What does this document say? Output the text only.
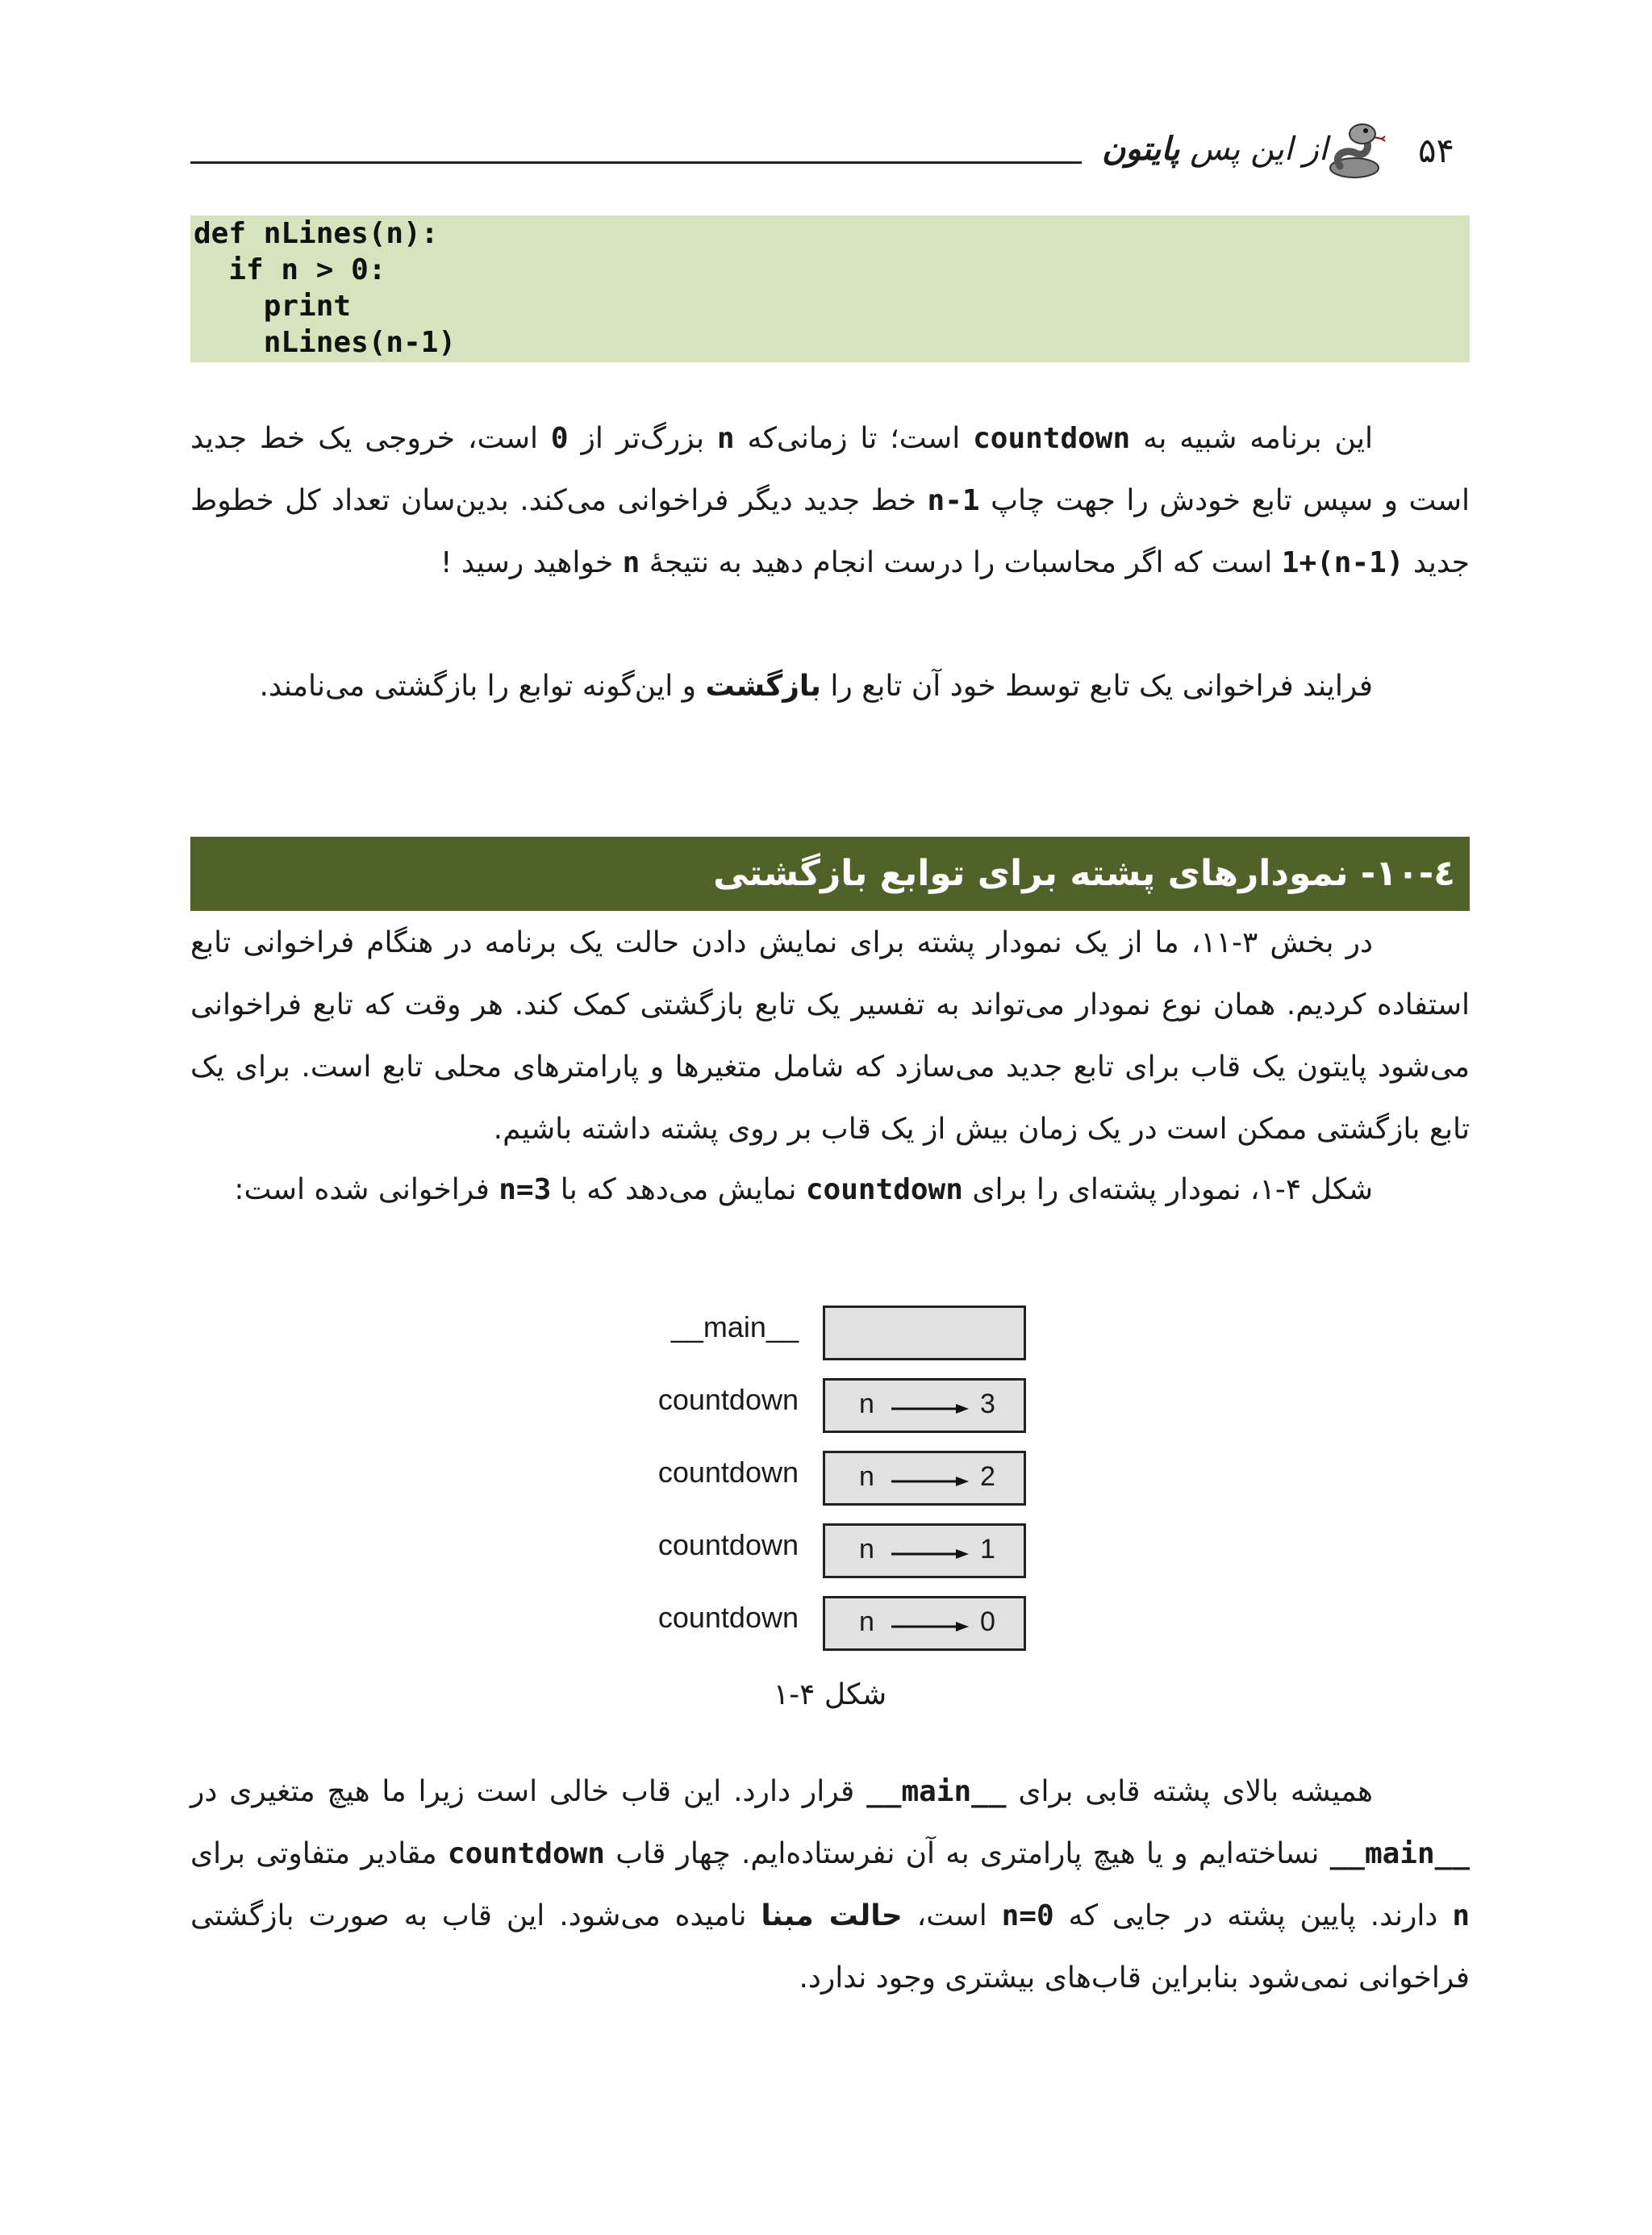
از این پس پایتون	۵۴
def nLines(n):
if n > 0:
print
nLines(n-1)
این برنامه شبیه به countdown است؛ تا زمانی‌که n بزرگ‌تر از 0 است، خروجی یک خط جدید است و سپس تابع خودش را جهت چاپ n-1 خط جدید دیگر فراخوانی می‌کند. بدین‌سان تعداد کل خطوط جدید 1+(n-1) است که اگر محاسبات را درست انجام دهید به نتیجهٔ n خواهید رسید !
فرایند فراخوانی یک تابع توسط خود آن تابع را بازگشت و این‌گونه توابع را بازگشتی می‌نامند.
٤-١٠- نمودارهای پشته برای توابع بازگشتی
در بخش ۳-۱۱، ما از یک نمودار پشته برای نمایش دادن حالت یک برنامه در هنگام فراخوانی تابع استفاده کردیم. همان نوع نمودار می‌تواند به تفسیر یک تابع بازگشتی کمک کند. هر وقت که تابع فراخوانی می‌شود پایتون یک قاب برای تابع جدید می‌سازد که شامل متغیرها و پارامترهای محلی تابع است. برای یک تابع بازگشتی ممکن است در یک زمان بیش از یک قاب بر روی پشته داشته باشیم.
شکل ۴-۱، نمودار پشته‌ای را برای countdown نمایش می‌دهد که با n=3 فراخوانی شده است:
__main__
countdown n	3
countdown n	2
countdown n	1
countdown n	0
شکل ۴-۱
همیشه بالای پشته قابی برای __main__ قرار دارد. این قاب خالی است زیرا ما هیچ متغیری در __main__ نساخته‌ایم و یا هیچ پارامتری به آن نفرستاده‌ایم. چهار قاب countdown مقادیر متفاوتی برای n دارند. پایین پشته در جایی که n=0 است، حالت مبنا نامیده می‌شود. این قاب به صورت بازگشتی فراخوانی نمی‌شود بنابراین قاب‌های بیشتری وجود ندارد.
